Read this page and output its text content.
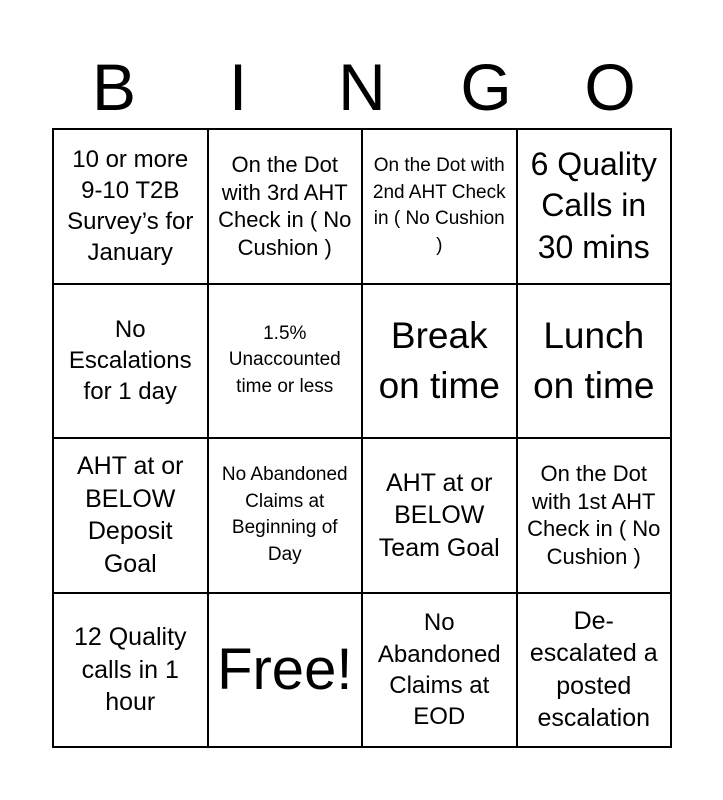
B	I	N	G	O
10 or more 9-10 T2B Survey’s for January
On the Dot with 3rd AHT Check in ( No Cushion )
On the Dot with 2nd AHT Check in ( No Cushion )
6 Quality Calls in 30 mins
No Escalations for 1 day
1.5% Unaccounted time or less
Break on time
Lunch on time
AHT at or BELOW Deposit Goal
No Abandoned Claims at Beginning of Day
AHT at or BELOW Team Goal
On the Dot with 1st AHT Check in ( No Cushion )
12 Quality calls in 1 hour
Free!
No Abandoned Claims at EOD
De-escalated a posted escalation
